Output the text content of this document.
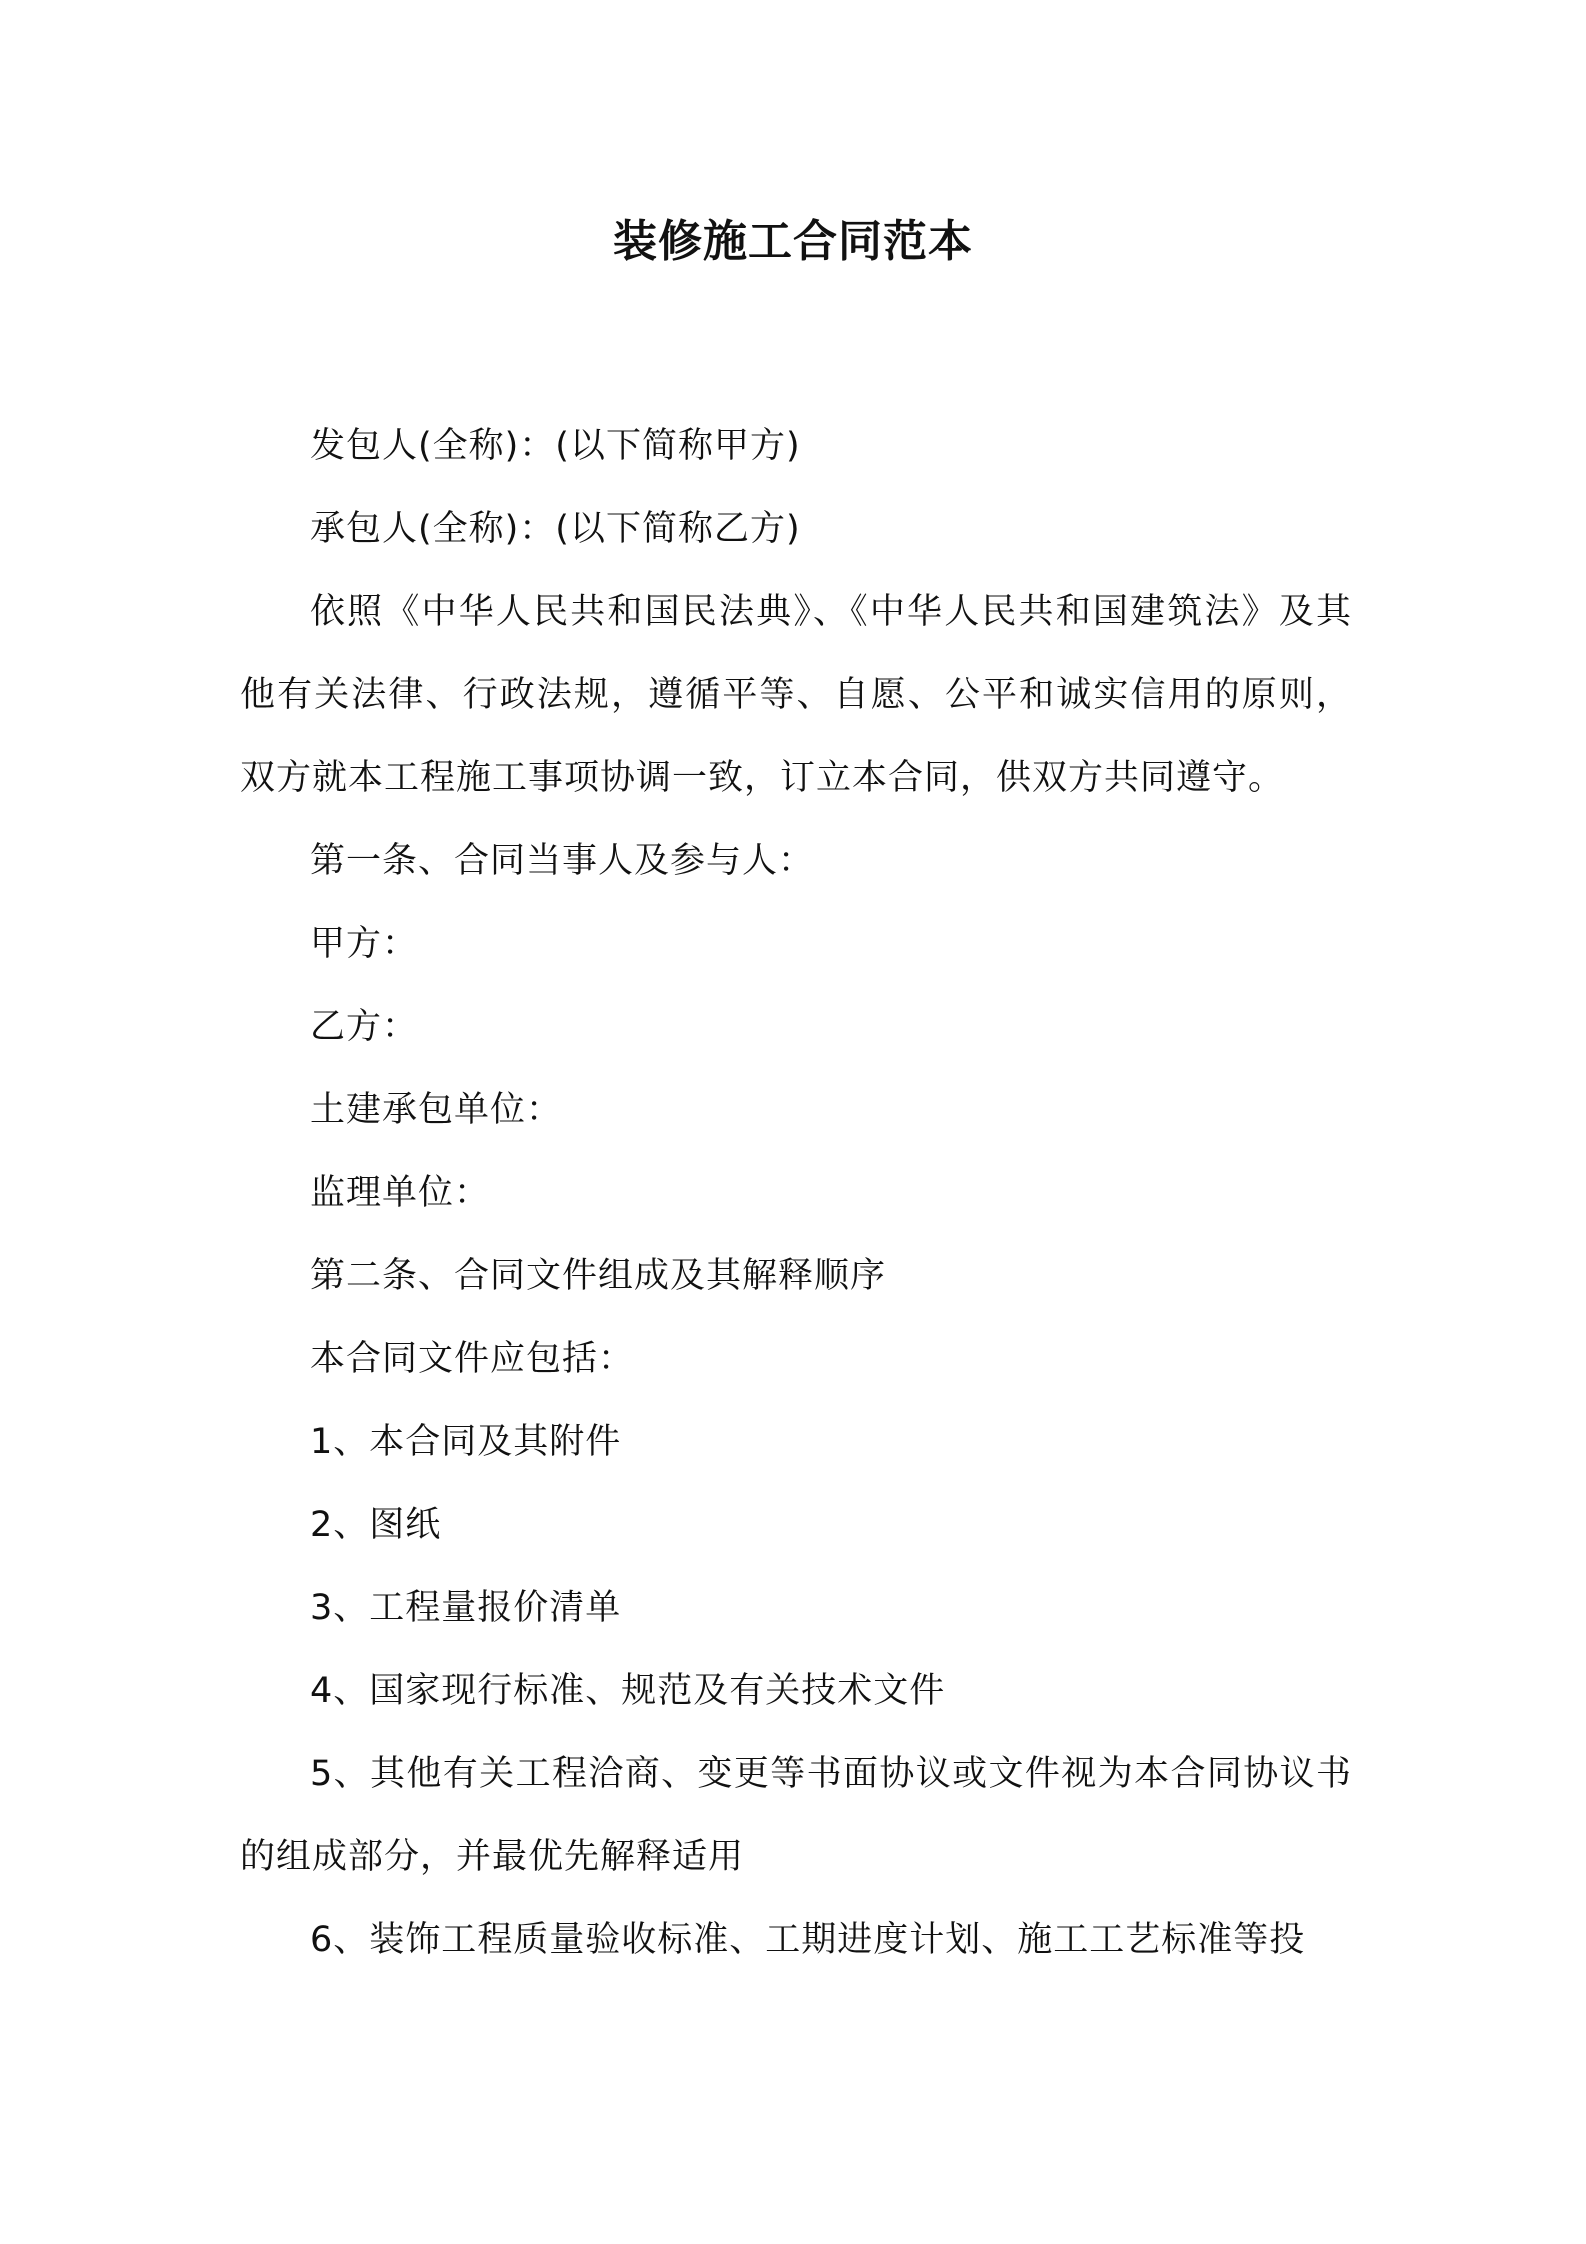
装修施工合同范本

发包人(全称)：(以下简称甲方)

承包人(全称)：(以下简称乙方)

依照《中华人民共和国民法典》、《中华人民共和国建筑法》及其他有关法律、行政法规，遵循平等、自愿、公平和诚实信用的原则，双方就本工程施工事项协调一致，订立本合同，供双方共同遵守。

第一条、合同当事人及参与人：

甲方：

乙方：

土建承包单位：

监理单位：

第二条、合同文件组成及其解释顺序

本合同文件应包括：

1、本合同及其附件

2、图纸

3、工程量报价清单

4、国家现行标准、规范及有关技术文件

5、其他有关工程洽商、变更等书面协议或文件视为本合同协议书的组成部分，并最优先解释适用

6、装饰工程质量验收标准、工期进度计划、施工工艺标准等投
